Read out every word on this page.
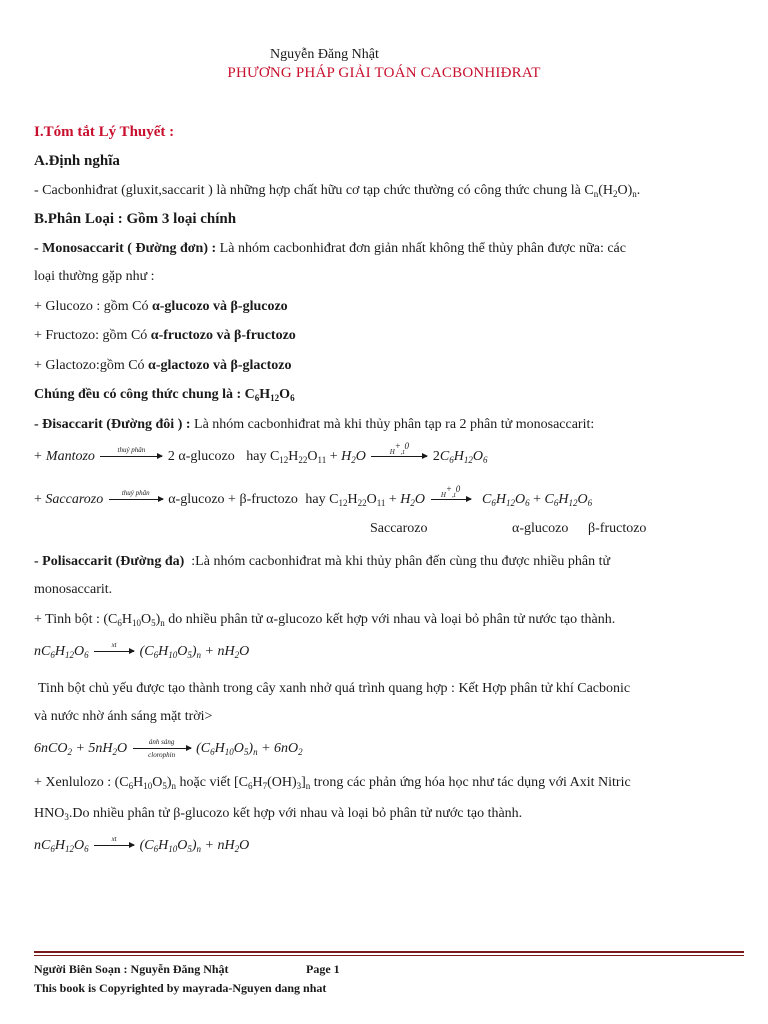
Nguyễn Đăng Nhật
PHƯƠNG PHÁP GIẢI TOÁN CACBONHIĐRAT
I.Tóm tắt Lý Thuyết :
A.Định nghĩa
- Cacbonhiđrat (gluxit,saccarit ) là những hợp chất hữu cơ tạp chức thường có công thức chung là $C_n(H_2O)_n$.
B.Phân Loại : Gồm 3 loại chính
- Monosaccarit ( Đường đơn) : Là nhóm cacbonhiđrat đơn giản nhất không thể thủy phân được nữa: các
loại thường gặp như :
+ Glucozo : gồm Có α-glucozo và β-glucozo
+ Fructozo: gồm Có α-fructozo và β-fructozo
+ Glactozo:gồm Có α-glactozo và β-glactozo
Chúng đều có công thức chung là : $C_6H_{12}O_6$
- Đisaccarit (Đường đôi ) : Là nhóm cacbonhiđrat mà khi thủy phân tạp ra 2 phân tử monosaccarit:
+ Mantozo	thuỷ phân	2 α-glucozo hay $C_{12}H_{22}O_{11} + H_2O$	$H^+,t^0$
$2C_6H_{12}O_6$
+ Saccarozo	thuỷ phân	α-glucozo + β-fructozo hay $C_{12}H_{22}O_{11} + H_2O$	$H^+,t^0$
$C_6H_{12}O_6 + C_6H_{12}O_6$
Saccarozo	α-glucozo β-fructozo
- Polisaccarit (Đường đa) :Là nhóm cacbonhiđrat mà khi thủy phân đến cùng thu được nhiều phân tử
monosaccarit.
+ Tinh bột : $(C_6H_{10}O_5)_n$ do nhiều phân tử α-glucozo kết hợp với nhau và loại bỏ phân tử nước tạo thành.
$nC_6H_{12}O_6$
xt	$(C_6H_{10}O_5)_n + nH_2O$
Tinh bột chủ yếu được tạo thành trong cây xanh nhở quá trình quang hợp : Kết Hợp phân tử khí Cacbonic
và nước nhờ ánh sáng mặt trời>
$6nCO_2 + 5nH_2O$	ánh sáng
clorophin	$(C_6H_{10}O_5)_n + 6nO_2$
+ Xenlulozo : $(C_6H_{10}O_5)_n$ hoặc viết $[C_6H_7(OH)_3]_n$ trong các phản ứng hóa học như tác dụng với Axit Nitric
$HNO_3.Do$ nhiều phân tử β-glucozo kết hợp với nhau và loại bỏ phân tử nước tạo thành.
$nC_6H_{12}O_6$
xt	$(C_6H_{10}O_5)_n + nH_2O$
Người Biên Soạn : Nguyễn Đăng Nhật	Page 1
This book is Copyrighted by mayrada-Nguyen dang nhat
